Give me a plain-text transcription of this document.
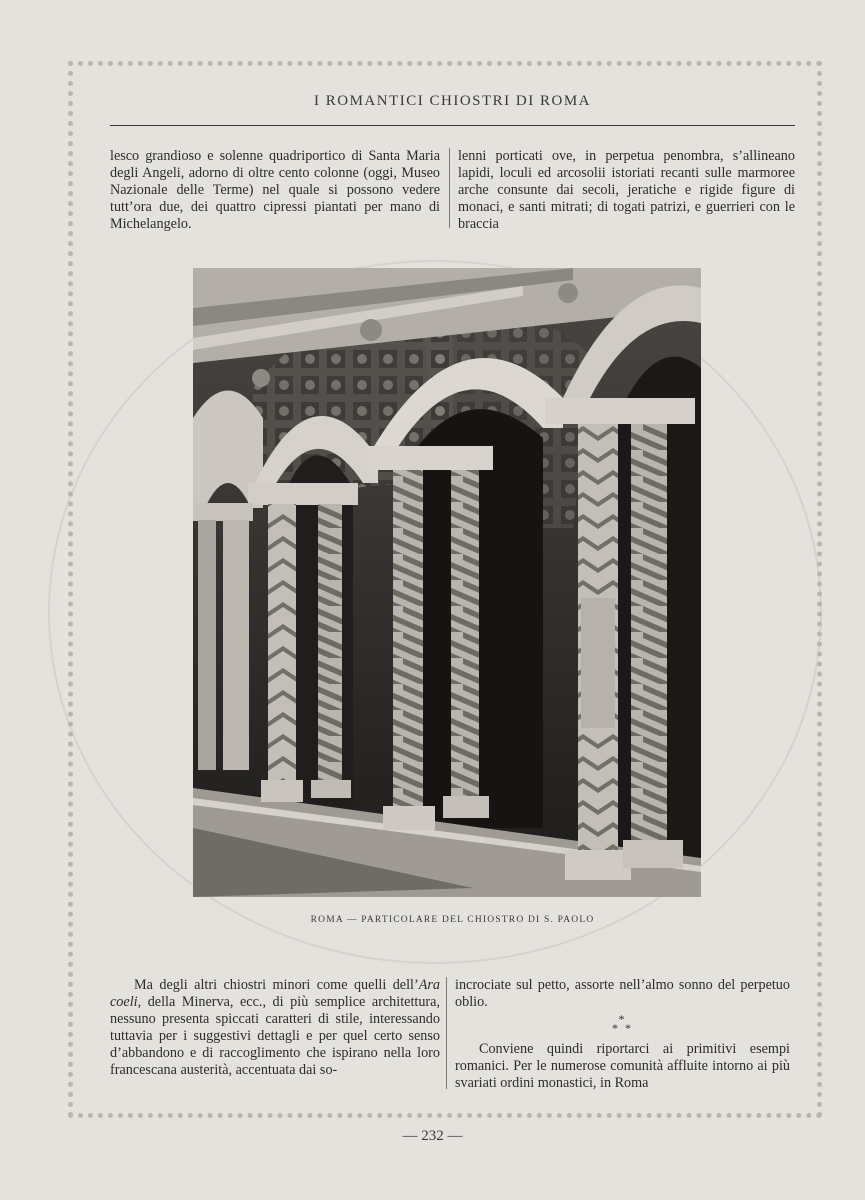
I ROMANTICI CHIOSTRI DI ROMA

lesco grandioso e solenne quadriportico di Santa Maria degli Angeli, adorno di oltre cento colonne (oggi, Museo Nazionale delle Terme) nel quale si possono vedere tutt’ora due, dei quattro cipressi piantati per mano di Michelangelo.

lenni porticati ove, in perpetua penombra, s’allineano lapidi, loculi ed arcosolii istoriati recanti sulle marmoree arche consunte dai secoli, jeratiche e rigide figure di monaci, e santi mitrati; di togati patrizi, e guerrieri con le braccia

ROMA — PARTICOLARE DEL CHIOSTRO DI S. PAOLO

Ma degli altri chiostri minori come quelli dell’Ara coeli, della Minerva, ecc., di più semplice architettura, nessuno presenta spiccati caratteri di stile, interessando tuttavia per i suggestivi dettagli e per quel certo senso d’abbandono e di raccoglimento che ispirano nella loro francescana austerità, accentuata dai so-

incrociate sul petto, assorte nell’almo sonno del perpetuo oblio.

*
* *

Conviene quindi riportarci ai primitivi esempi romanici. Per le numerose comunità affluite intorno ai più svariati ordini monastici, in Roma

— 232 —
